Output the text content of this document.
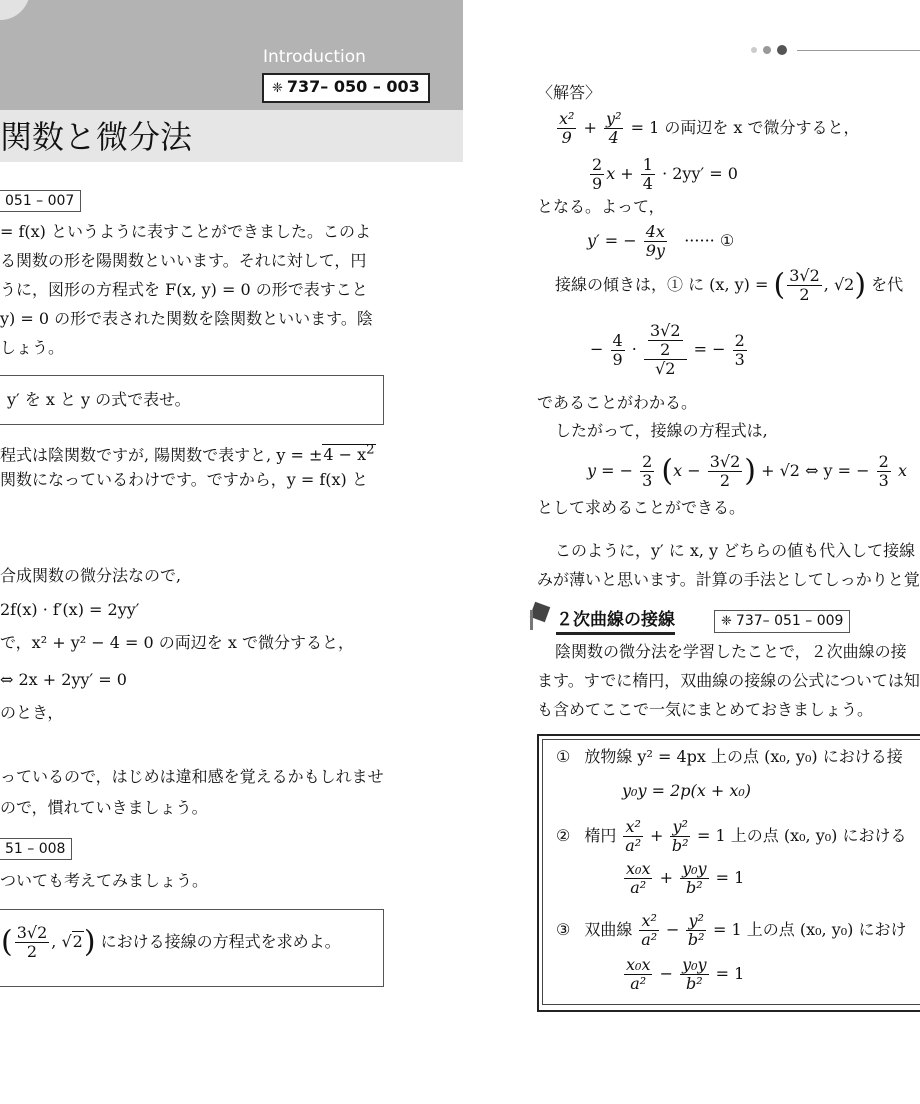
Introduction
❈ 737– 050 – 003
関数と微分法
051 – 007
= f(x) というように表すことができました。このよ
る関数の形を陽関数といいます。それに対して，円
うに，図形の方程式を F(x, y) = 0 の形で表すこと
y) = 0 の形で表された関数を陰関数といいます。陰
しょう。
y′ を x と y の式で表せ。
程式は陰関数ですが, 陽関数で表すと, $y = \pm 4 - x^2$
関数になっているわけです。ですから，y = f(x) と
合成関数の微分法なので,
2f(x) · f′(x) = 2yy′
で，x² + y² − 4 = 0 の両辺を x で微分すると，
⇔ 2x + 2yy′ = 0
のとき，
っているので，はじめは違和感を覚えるかもしれませ
ので，慣れていきましょう。
51 – 008
ついても考えてみましょう。
( $\frac{3√2}{2}$ , √2) における接線の方程式を求めよ。
〈解答〉
$\frac{\text{x²}}{9} + \frac{\text{y²}}{4} = 1$ の両辺を x で微分すると，
$\frac{2}{9}$ $x + \frac{1}{4} \cdot 2yy' = 0$
となる。よって，
y′ = − $\frac{4x}{9y}$ ······ ①
接線の傾きは，① に (x, y) = ( $\frac{3√2}{2}$ , √2) を代
− $\frac{4}{9} \cdot \frac{\frac{3√2}{2}}{√2}$ = − $\frac{2}{3}$
であることがわかる。
したがって，接線の方程式は,
y = − $\frac{2}{3} (x - \frac{3√2}{2}$ ) + √2 ⇔ y = − $\frac{2}{3}$ x
として求めることができる。
このように，y′ に x, y どちらの値も代入して接線
みが薄いと思います。計算の手法としてしっかりと覚
２次曲線の接線	❈ 737– 051 – 009
陰関数の微分法を学習したことで，２次曲線の接
ます。すでに楕円，双曲線の接線の公式については知
も含めてここで一気にまとめておきましょう。
① 放物線 y² = 4px 上の点 (x₀, y₀) における接
y₀y = 2p(x + x₀)
② 楕円 $\frac{\text{x²}}{\text{a²}} + \frac{\text{y²}}{\text{b²}} = 1$ 上の点 (x₀, y₀) における
$\frac{\text{x₀x}}{\text{a²}} + \frac{\text{y₀y}}{\text{b²}} = 1$
③ 双曲線 $\frac{\text{x²}}{\text{a²}} - \frac{\text{y²}}{\text{b²}} = 1$ 上の点 (x₀, y₀) におけ
$\frac{\text{x₀x}}{\text{a²}} - \frac{\text{y₀y}}{\text{b²}} = 1$
